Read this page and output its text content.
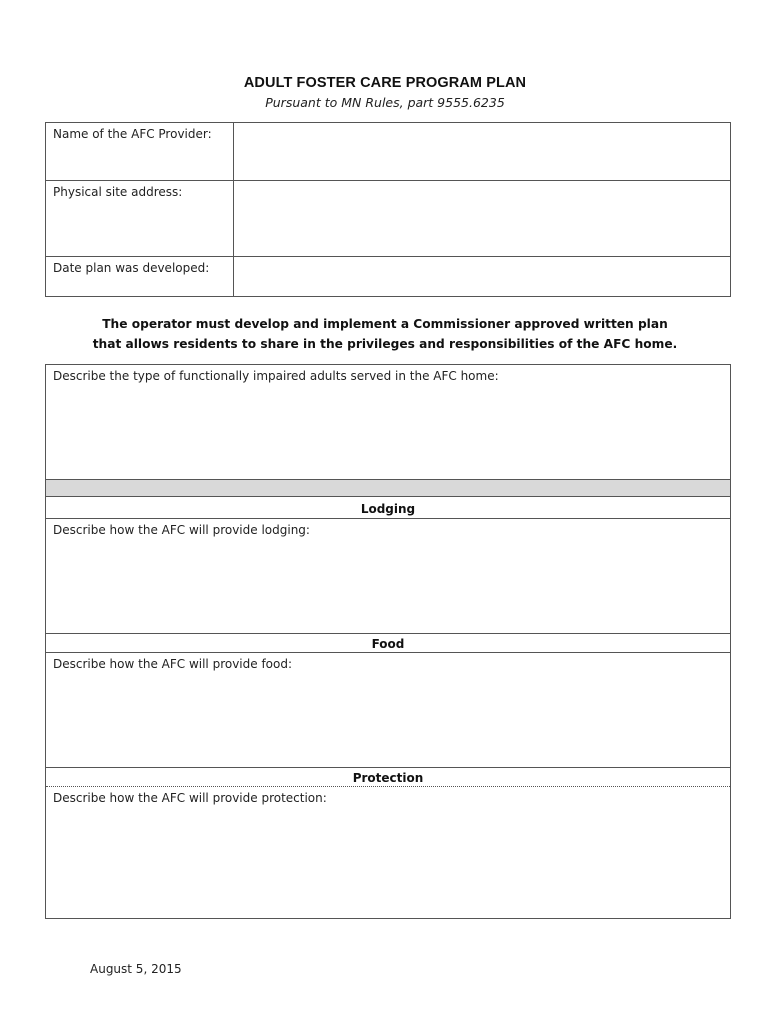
ADULT FOSTER CARE PROGRAM PLAN
Pursuant to MN Rules, part 9555.6235
Name of the AFC Provider:	
Physical site address:	
Date plan was developed:	
The operator must develop and implement a Commissioner approved written plan
that allows residents to share in the privileges and responsibilities of the AFC home.
Describe the type of functionally impaired adults served in the AFC home:
Lodging
Describe how the AFC will provide lodging:
Food
Describe how the AFC will provide food:
Protection
Describe how the AFC will provide protection:
August 5, 2015
